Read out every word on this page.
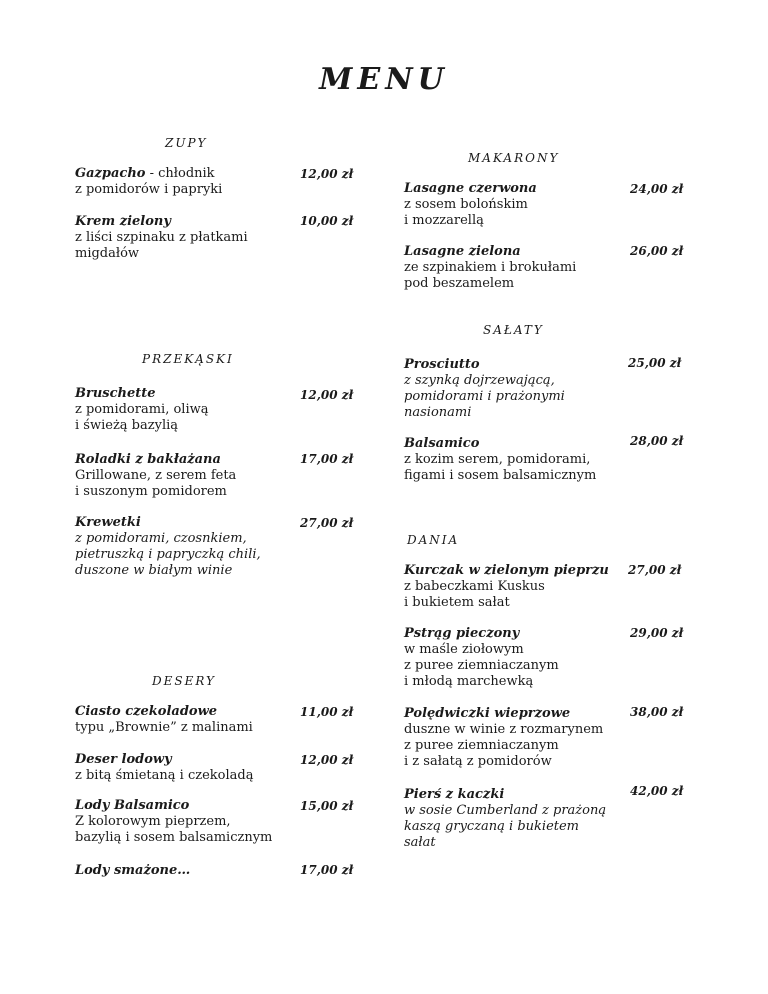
MENU
ZUPY
Gazpacho - chłodnik
z pomidorów i papryki
12,00 zł
Krem zielony
z liści szpinaku z płatkami
migdałów
10,00 zł
PRZEKĄSKI
Bruschette
z pomidorami, oliwą
i świeżą bazylią
12,00 zł
Roladki z bakłażana
Grillowane, z serem feta
i suszonym pomidorem
17,00 zł
Krewetki
z pomidorami, czosnkiem,
pietruszką i papryczką chili,
duszone w białym winie
27,00 zł
DESERY
Ciasto czekoladowe
typu „Brownie” z malinami
11,00 zł
Deser lodowy
z bitą śmietaną i czekoladą
12,00 zł
Lody Balsamico
Z kolorowym pieprzem,
bazylią i sosem balsamicznym
15,00 zł
Lody smażone…	17,00 zł
MAKARONY
Lasagne czerwona
z sosem bolońskim
i mozzarellą
24,00 zł
Lasagne zielona
ze szpinakiem i brokułami
pod beszamelem
26,00 zł
SAŁATY
Prosciutto
z szynką dojrzewającą,
pomidorami i prażonymi
nasionami
25,00 zł
Balsamico
z kozim serem, pomidorami,
figami i sosem balsamicznym
28,00 zł
DANIA
Kurczak w zielonym pieprzu
z babeczkami Kuskus
i bukietem sałat
27,00 zł
Pstrąg pieczony
w maśle ziołowym
z puree ziemniaczanym
i młodą marchewką
29,00 zł
Polędwiczki wieprzowe
duszne w winie z rozmarynem
z puree ziemniaczanym
i z sałatą z pomidorów
38,00 zł
Pierś z kaczki
w sosie Cumberland z prażoną
kaszą gryczaną i bukietem
sałat
42,00 zł
